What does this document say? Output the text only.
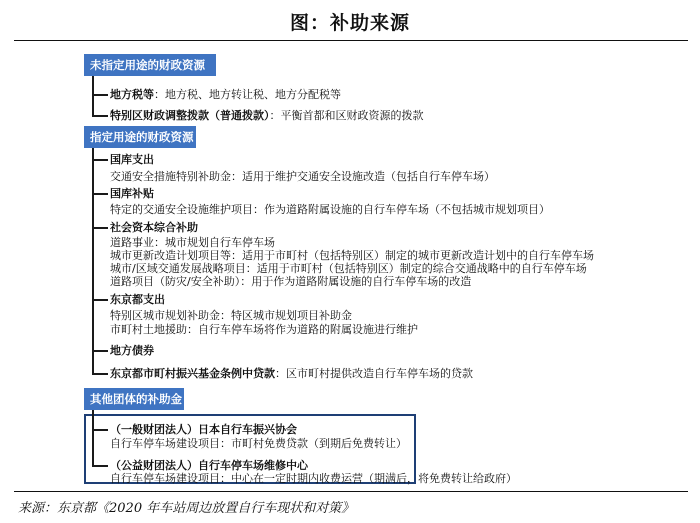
图：补助来源
未指定用途的财政资源
地方税等：地方税、地方转让税、地方分配税等
特别区财政调整拨款（普通拨款）：平衡首都和区财政资源的拨款
指定用途的财政资源
国库支出
交通安全措施特别补助金：适用于维护交通安全设施改造（包括自行车停车场）
国库补贴
特定的交通安全设施维护项目：作为道路附属设施的自行车停车场（不包括城市规划项目）
社会资本综合补助
道路事业：城市规划自行车停车场
城市更新改造计划项目等：适用于市町村（包括特别区）制定的城市更新改造计划中的自行车停车场
城市/区域交通发展战略项目：适用于市町村（包括特别区）制定的综合交通战略中的自行车停车场
道路项目（防灾/安全补助）：用于作为道路附属设施的自行车停车场的改造
东京都支出
特别区城市规划补助金：特区城市规划项目补助金
市町村土地援助：自行车停车场将作为道路的附属设施进行维护
地方债券
东京都市町村振兴基金条例中贷款：区市町村提供改造自行车停车场的贷款
其他团体的补助金
（一般财团法人）日本自行车振兴协会
自行车停车场建设项目：市町村免费贷款（到期后免费转让）
（公益财团法人）自行车停车场维修中心
自行车停车场建设项目：中心在一定时期内收费运营（期满后，将免费转让给政府）
来源：东京都《2020 年车站周边放置自行车现状和对策》
